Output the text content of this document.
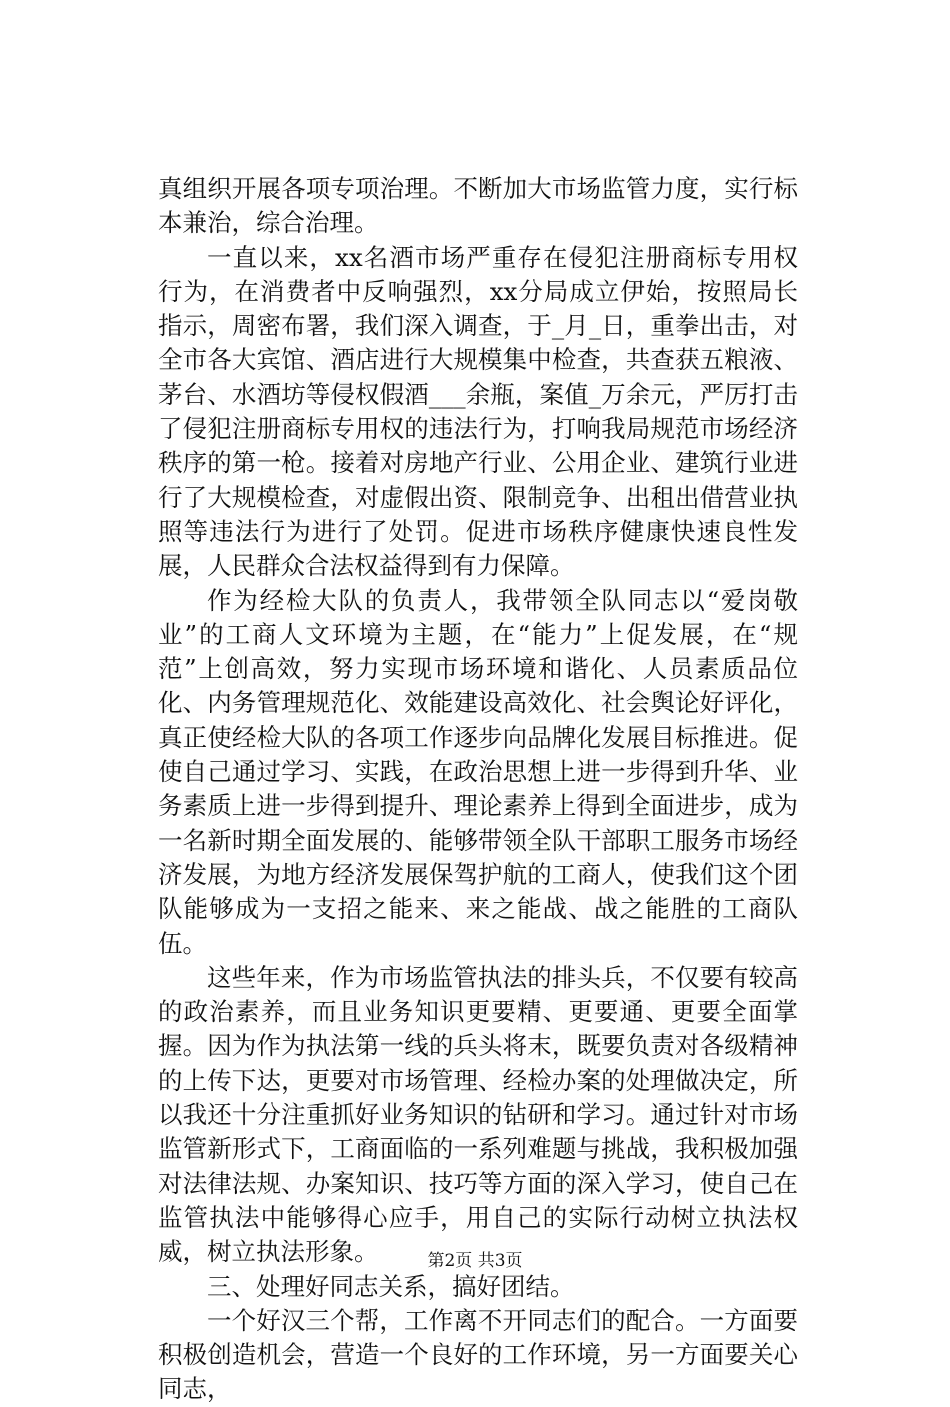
真组织开展各项专项治理。不断加大市场监管力度，实行标本兼治，综合治理。

一直以来，xx名酒市场严重存在侵犯注册商标专用权行为，在消费者中反响强烈，xx分局成立伊始，按照局长指示，周密布署，我们深入调查，于_月_日，重拳出击，对全市各大宾馆、酒店进行大规模集中检查，共查获五粮液、茅台、水酒坊等侵权假酒___余瓶，案值_万余元，严厉打击了侵犯注册商标专用权的违法行为，打响我局规范市场经济秩序的第一枪。接着对房地产行业、公用企业、建筑行业进行了大规模检查，对虚假出资、限制竞争、出租出借营业执照等违法行为进行了处罚。促进市场秩序健康快速良性发展，人民群众合法权益得到有力保障。

作为经检大队的负责人，我带领全队同志以“爱岗敬业”的工商人文环境为主题，在“能力”上促发展，在“规范”上创高效，努力实现市场环境和谐化、人员素质品位化、内务管理规范化、效能建设高效化、社会舆论好评化，真正使经检大队的各项工作逐步向品牌化发展目标推进。促使自己通过学习、实践，在政治思想上进一步得到升华、业务素质上进一步得到提升、理论素养上得到全面进步，成为一名新时期全面发展的、能够带领全队干部职工服务市场经济发展，为地方经济发展保驾护航的工商人，使我们这个团队能够成为一支招之能来、来之能战、战之能胜的工商队伍。

这些年来，作为市场监管执法的排头兵，不仅要有较高的政治素养，而且业务知识更要精、更要通、更要全面掌握。因为作为执法第一线的兵头将末，既要负责对各级精神的上传下达，更要对市场管理、经检办案的处理做决定，所以我还十分注重抓好业务知识的钻研和学习。通过针对市场监管新形式下，工商面临的一系列难题与挑战，我积极加强对法律法规、办案知识、技巧等方面的深入学习，使自己在监管执法中能够得心应手，用自己的实际行动树立执法权威，树立执法形象。

三、处理好同志关系，搞好团结。

一个好汉三个帮，工作离不开同志们的配合。一方面要积极创造机会，营造一个良好的工作环境，另一方面要关心同志，

第2页 共3页
